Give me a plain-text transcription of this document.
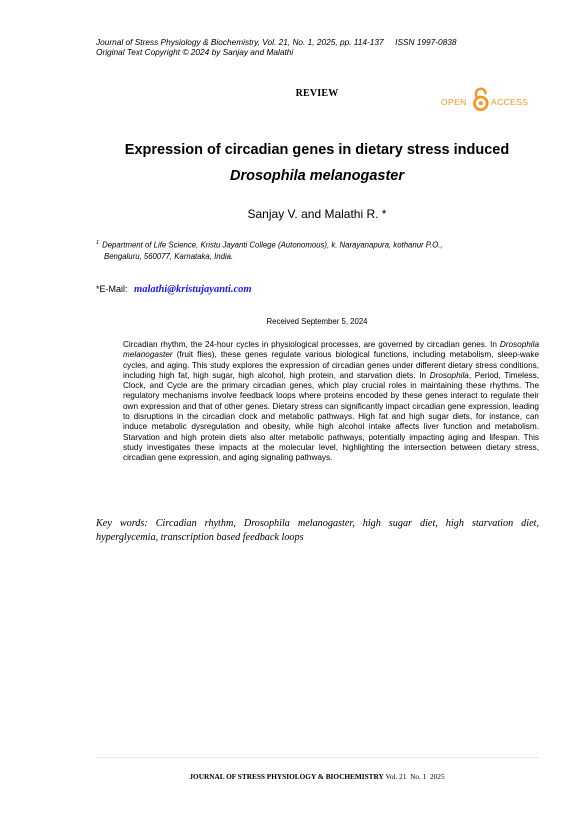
Journal of Stress Physiology & Biochemistry, Vol. 21, No. 1, 2025, pp. 114-137     ISSN 1997-0838
Original Text Copyright © 2024 by Sanjay and Malathi
REVIEW
OPEN	ACCESS
Expression of circadian genes in dietary stress induced
Drosophila melanogaster
Sanjay V. and Malathi R. *
$^1$ Department of Life Science, Kristu Jayanti College (Autonomous), k. Narayanapura, kothanur P.O.,
Bengaluru, 560077, Karnataka, India.
*E-Mail: malathi@kristujayanti.com
Received September 5, 2024

Circadian rhythm, the 24-hour cycles in physiological processes, are governed by circadian genes. In Drosophila melanogaster (fruit flies), these genes regulate various biological functions, including metabolism, sleep-wake cycles, and aging. This study explores the expression of circadian genes under different dietary stress conditions, including high fat, high sugar, high alcohol, high protein, and starvation diets. In Drosophila, Period, Timeless, Clock, and Cycle are the primary circadian genes, which play crucial roles in maintaining these rhythms. The regulatory mechanisms involve feedback loops where proteins encoded by these genes interact to regulate their own expression and that of other genes. Dietary stress can significantly impact circadian gene expression, leading to disruptions in the circadian clock and metabolic pathways. High fat and high sugar diets, for instance, can induce metabolic dysregulation and obesity, while high alcohol intake affects liver function and metabolism. Starvation and high protein diets also alter metabolic pathways, potentially impacting aging and lifespan. This study investigates these impacts at the molecular level, highlighting the intersection between dietary stress, circadian gene expression, and aging signaling pathways.

Key words: Circadian rhythm, Drosophila melanogaster, high sugar diet, high starvation diet, hyperglycemia, transcription based feedback loops

JOURNAL OF STRESS PHYSIOLOGY & BIOCHEMISTRY Vol. 21  No. 1  2025
